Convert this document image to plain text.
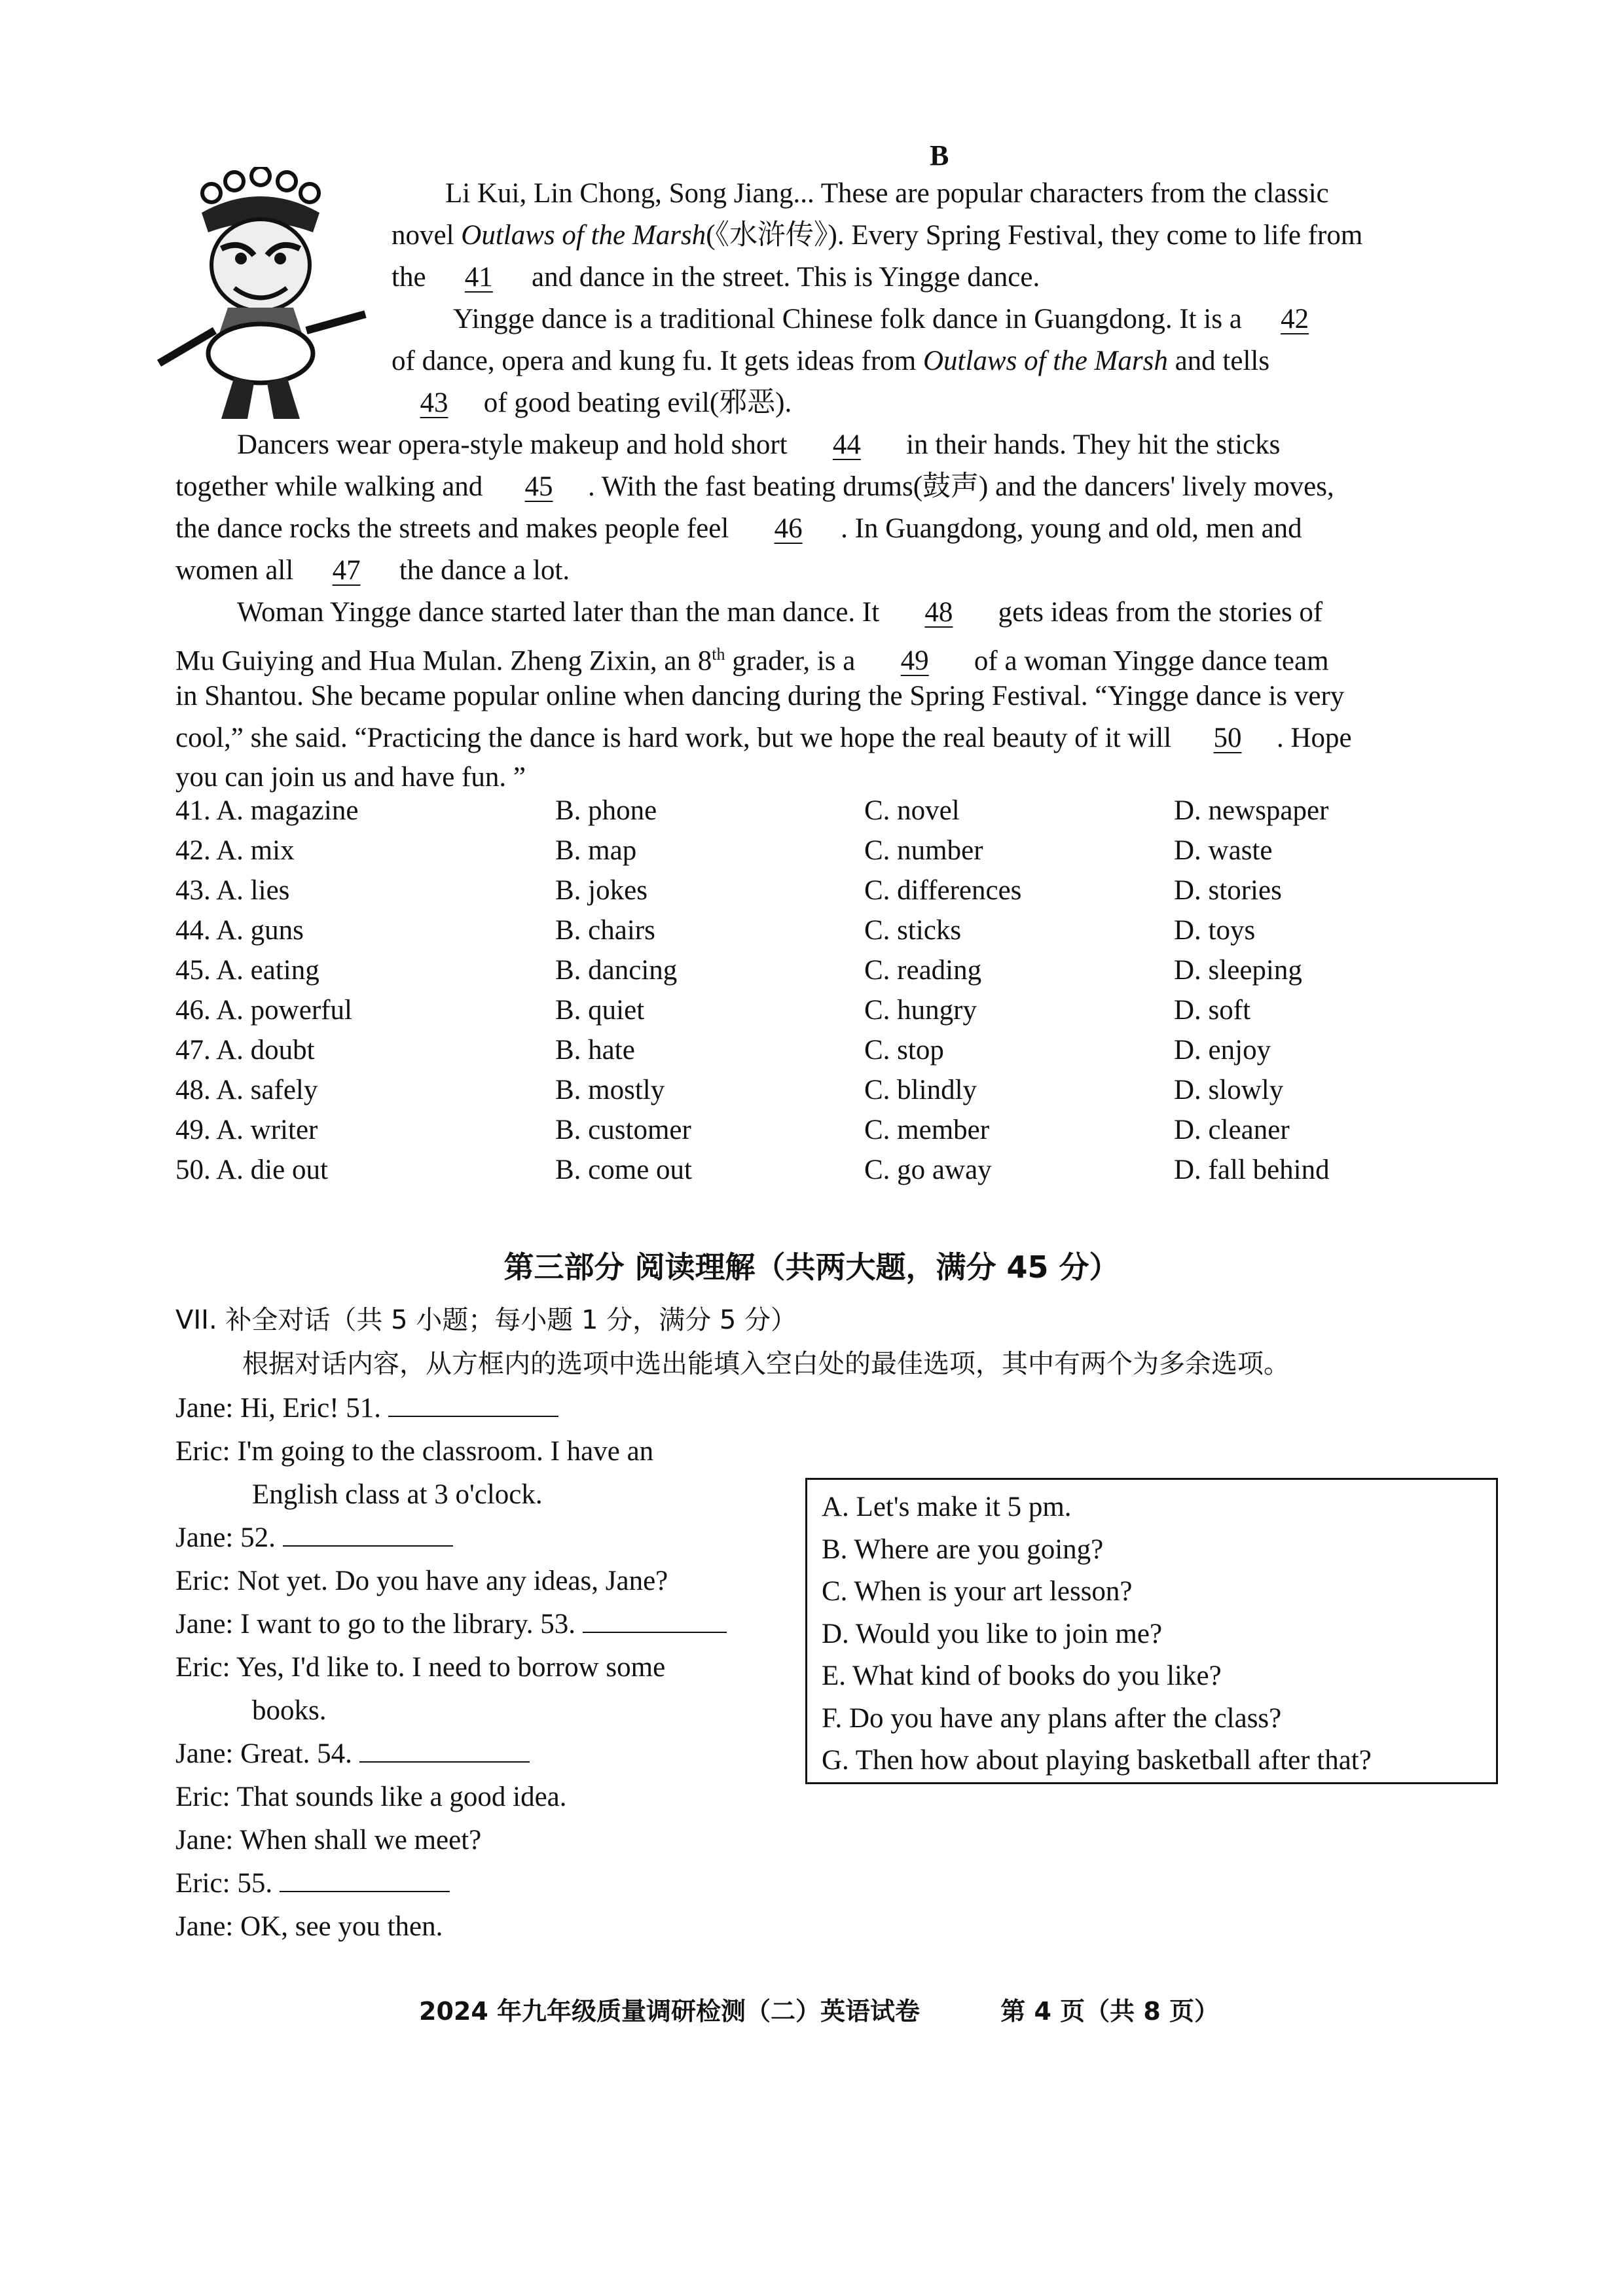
B
Li Kui, Lin Chong, Song Jiang... These are popular characters from the classic
novel Outlaws of the Marsh(《水浒传》). Every Spring Festival, they come to life from
the 41 and dance in the street. This is Yingge dance.
Yingge dance is a traditional Chinese folk dance in Guangdong. It is a 42
of dance, opera and kung fu. It gets ideas from Outlaws of the Marsh and tells
43 of good beating evil(邪恶).
Dancers wear opera-style makeup and hold short 44 in their hands. They hit the sticks
together while walking and 45 . With the fast beating drums(鼓声) and the dancers' lively moves,
the dance rocks the streets and makes people feel 46 . In Guangdong, young and old, men and
women all 47 the dance a lot.
Woman Yingge dance started later than the man dance. It 48 gets ideas from the stories of
Mu Guiying and Hua Mulan. Zheng Zixin, an 8th grader, is a 49 of a woman Yingge dance team
in Shantou. She became popular online when dancing during the Spring Festival. “Yingge dance is very
cool,” she said. “Practicing the dance is hard work, but we hope the real beauty of it will 50 . Hope
you can join us and have fun. ”
41. A. magazine	B. phone	C. novel	D. newspaper
42. A. mix	B. map	C. number	D. waste
43. A. lies	B. jokes	C. differences	D. stories
44. A. guns	B. chairs	C. sticks	D. toys
45. A. eating	B. dancing	C. reading	D. sleeping
46. A. powerful	B. quiet	C. hungry	D. soft
47. A. doubt	B. hate	C. stop	D. enjoy
48. A. safely	B. mostly	C. blindly	D. slowly
49. A. writer	B. customer	C. member	D. cleaner
50. A. die out	B. come out	C. go away	D. fall behind
第三部分 阅读理解（共两大题，满分 45 分）
VII. 补全对话（共 5 小题；每小题 1 分，满分 5 分）
根据对话内容，从方框内的选项中选出能填入空白处的最佳选项，其中有两个为多余选项。
Jane: Hi, Eric! 51.
Eric: I'm going to the classroom. I have an
English class at 3 o'clock.
Jane: 52.
Eric: Not yet. Do you have any ideas, Jane?
Jane: I want to go to the library. 53.
Eric: Yes, I'd like to. I need to borrow some
books.
Jane: Great. 54.
Eric: That sounds like a good idea.
Jane: When shall we meet?
Eric: 55.
Jane: OK, see you then.
A. Let's make it 5 pm.
B. Where are you going?
C. When is your art lesson?
D. Would you like to join me?
E. What kind of books do you like?
F. Do you have any plans after the class?
G. Then how about playing basketball after that?
2024 年九年级质量调研检测（二）英语试卷	第 4 页（共 8 页）
